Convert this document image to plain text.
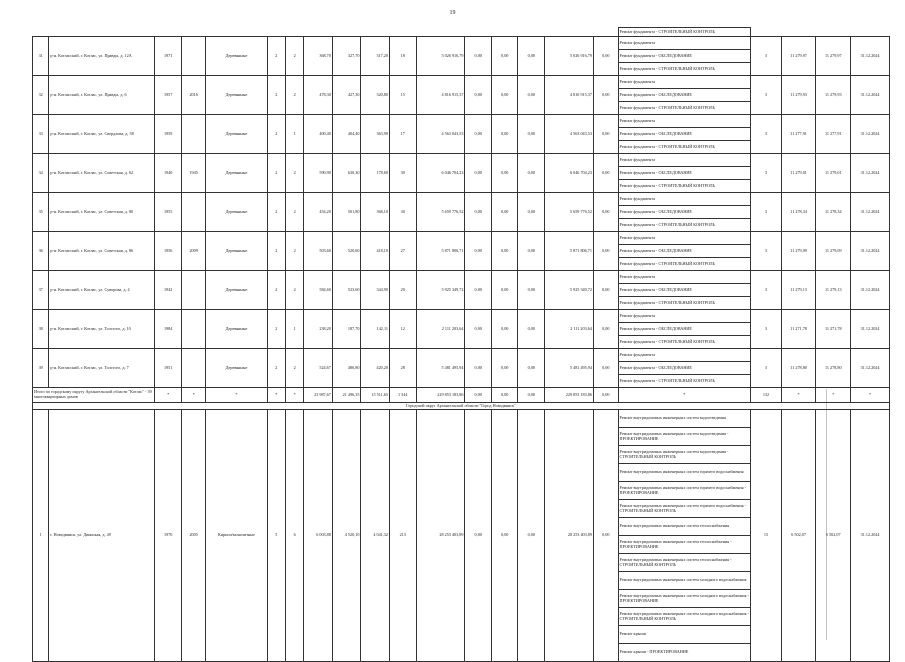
19
																	Ремонт фундамента - СТРОИТЕЛЬНЫЙ КОНТРОЛЬ				
31	р-н. Котласский, г. Котлас, ул. Правды, д. 12А	1971		Деревянные	2	2	368,70	327,70	317,20	18	5 026 916,79	0,00	0,00	0,00	5 026 916,79	0,00	Ремонт фундамента	3	11 279,97	11 279,97	31.12.2024
																	Ремонт фундамента - ОБСЛЕДОВАНИЕ				
																	Ремонт фундамента - СТРОИТЕЛЬНЫЙ КОНТРОЛЬ				
32	р-н. Котласский, г. Котлас, ул. Правды, д. 6	1957	2016	Деревянные	2	2	478,30	427,30	320,80	15	4 816 915,37	0,00	0,00	0,00	4 816 915,37	0,00	Ремонт фундамента	3	11 279,93	11 279,93	31.12.2024
																	Ремонт фундамента - ОБСЛЕДОВАНИЕ				
																	Ремонт фундамента - СТРОИТЕЛЬНЫЙ КОНТРОЛЬ				
33	р-н. Котласский, г. Котлас, ул. Свердлова, д. 58	1959		Деревянные	2	1	400,40	404,40	363,90	17	4 563 043,53	0,00	0,00	0,00	4 563 043,53	0,00	Ремонт фундамента	3	11 277,91	11 277,91	31.12.2024
																	Ремонт фундамента - ОБСЛЕДОВАНИЕ				
																	Ремонт фундамента - СТРОИТЕЛЬНЫЙ КОНТРОЛЬ				
34	р-н. Котласский, г. Котлас, ул. Советская, д. 62	1940	1945	Деревянные	2	2	590,90	630,30	178,60	30	6 046 704,23	0,00	0,00	0,00	6 046 704,23	0,00	Ремонт фундамента	3	11 279,01	11 279,01	31.12.2024
																	Ремонт фундамента - ОБСЛЕДОВАНИЕ				
																	Ремонт фундамента - СТРОИТЕЛЬНЫЙ КОНТРОЛЬ				
35	р-н. Котласский, г. Котлас, ул. Советская, д. 80	1955		Деревянные	2	2	454,20	501,80	368,10	30	5 659 776,52	0,00	0,00	0,00	5 659 776,52	0,00	Ремонт фундамента	3	11 278,34	11 278,34	31.12.2024
																	Ремонт фундамента - ОБСЛЕДОВАНИЕ				
																	Ремонт фундамента - СТРОИТЕЛЬНЫЙ КОНТРОЛЬ				
36	р-н. Котласский, г. Котлас, ул. Советская, д. 86	1956	2009	Деревянные	2	2	503,60	520,60	418,10	27	5 871 806,71	0,00	0,00	0,00	5 871 806,71	0,00	Ремонт фундамента	3	11 279,09	11 279,09	31.12.2024
																	Ремонт фундамента - ОБСЛЕДОВАНИЕ				
																	Ремонт фундамента - СТРОИТЕЛЬНЫЙ КОНТРОЛЬ				
37	р-н. Котласский, г. Котлас, ул. Суворова, д. 4	1942		Деревянные	2	2	584,60	523,60	344,90	20	5 925 349,72	0,00	0,00	0,00	5 925 349,72	0,00	Ремонт фундамента	3	11 279,13	11 279,13	31.12.2024
																	Ремонт фундамента - ОБСЛЕДОВАНИЕ				
																	Ремонт фундамента - СТРОИТЕЛЬНЫЙ КОНТРОЛЬ				
38	р-н. Котласский, г. Котлас, ул. Толстого, д. 10	1984		Деревянные	2	1	238,20	187,70	142,11	12	2 111 203,64	0,00	0,00	0,00	2 111 203,64	0,00	Ремонт фундамента	3	11 271,78	11 271,78	31.12.2024
																	Ремонт фундамента - ОБСЛЕДОВАНИЕ				
																	Ремонт фундамента - СТРОИТЕЛЬНЫЙ КОНТРОЛЬ				
39	р-н. Котласский, г. Котлас, ул. Толстого, д. 7	1951		Деревянные	2	2	524,67	486,80	420,20	28	5 481 495,94	0,00	0,00	0,00	5 481 495,94	0,00	Ремонт фундамента	3	11 278,80	11 278,80	31.12.2024
																	Ремонт фундамента - ОБСЛЕДОВАНИЕ				
																	Ремонт фундамента - СТРОИТЕЛЬНЫЙ КОНТРОЛЬ				
Итого по городскому округу Архангельской области "Котлас" - 39 многоквартирных домов		*	*	*	*	*	23 987,67	21 496,35	15 511,65	1 344	229 853 183,86	0,00	0,00	0,00	229 853 183,86	0,00	*	132	*	*	*
Городской округ Архангельской области "Город Новодвинск"																					
1	г. Новодвинск, ул. Двинская, д. 49	1970	2005	Кирпич/монолитные	5	6	6 003,88	4 520,10	4 041,32	213	28 253 403,89	0,00	0,00	0,00	28 253 403,89	0,00	Ремонт внутридомовых инженерных систем водоотведения	15	6 502,07	6 502,07	31.12.2024
																	Ремонт внутридомовых инженерных систем водоотведения - ПРОЕКТИРОВАНИЕ				
																	Ремонт внутридомовых инженерных систем водоотведения - СТРОИТЕЛЬНЫЙ КОНТРОЛЬ				
																	Ремонт внутридомовых инженерных систем горячего водоснабжения				
																	Ремонт внутридомовых инженерных систем горячего водоснабжения - ПРОЕКТИРОВАНИЕ				
																	Ремонт внутридомовых инженерных систем горячего водоснабжения - СТРОИТЕЛЬНЫЙ КОНТРОЛЬ				
																	Ремонт внутридомовых инженерных систем теплоснабжения				
																	Ремонт внутридомовых инженерных систем теплоснабжения - ПРОЕКТИРОВАНИЕ				
																	Ремонт внутридомовых инженерных систем теплоснабжения - СТРОИТЕЛЬНЫЙ КОНТРОЛЬ				
																	Ремонт внутридомовых инженерных систем холодного водоснабжения				
																	Ремонт внутридомовых инженерных систем холодного водоснабжения - ПРОЕКТИРОВАНИЕ				
																	Ремонт внутридомовых инженерных систем холодного водоснабжения - СТРОИТЕЛЬНЫЙ КОНТРОЛЬ				
																	Ремонт крыши				
																	Ремонт крыши - ПРОЕКТИРОВАНИЕ				
